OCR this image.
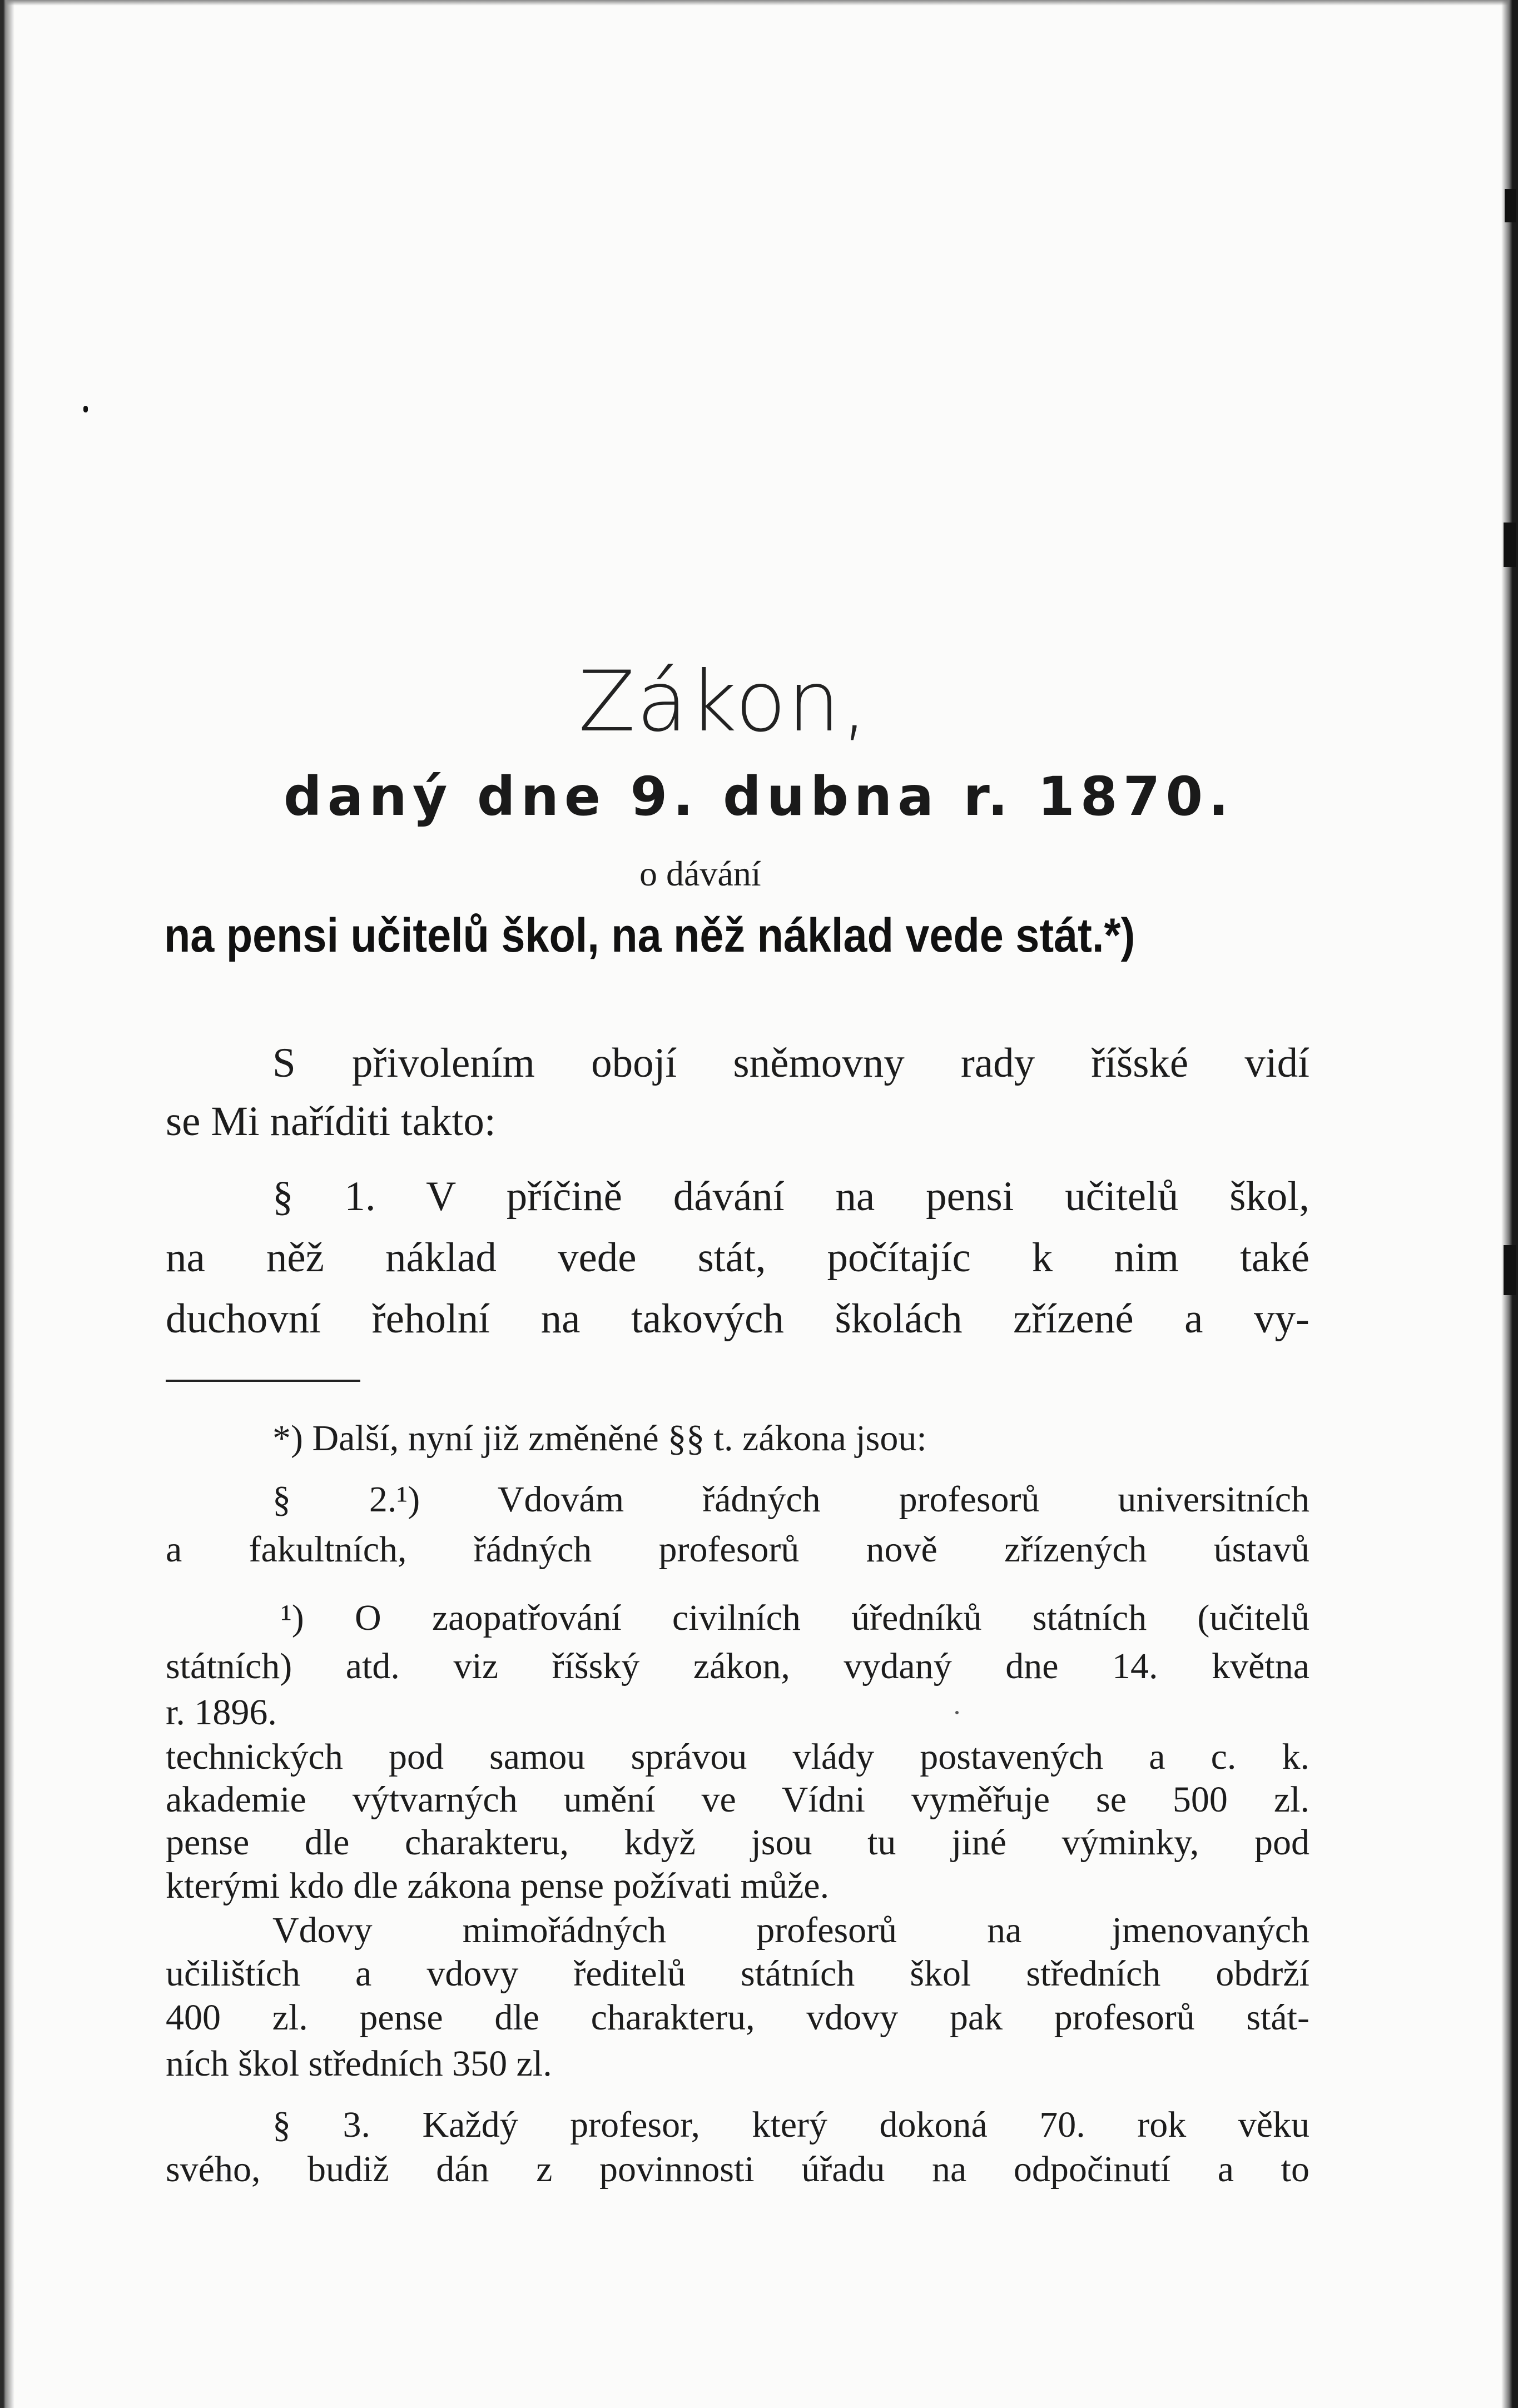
Zákon,

daný dne 9. dubna r. 1870.

o dávání

na pensi učitelů škol, na něž náklad vede stát.*)

S přivolením obojí sněmovny rady říšské vidí

se Mi naříditi takto:

§ 1. V příčině dávání na pensi učitelů škol,

na něž náklad vede stát, počítajíc k nim také

duchovní řeholní na takových školách zřízené a vy-

*) Další, nyní již změněné §§ t. zákona jsou:

§ 2.¹) Vdovám řádných profesorů universitních

a fakultních, řádných profesorů nově zřízených ústavů

¹) O zaopatřování civilních úředníků státních (učitelů

státních) atd. viz říšský zákon, vydaný dne 14. května

r. 1896.

technických pod samou správou vlády postavených a c. k.

akademie výtvarných umění ve Vídni vyměřuje se 500 zl.

pense dle charakteru, když jsou tu jiné výminky, pod

kterými kdo dle zákona pense požívati může.

Vdovy mimořádných profesorů na jmenovaných

učilištích a vdovy ředitelů státních škol středních obdrží

400 zl. pense dle charakteru, vdovy pak profesorů stát-

ních škol středních 350 zl.

§ 3. Každý profesor, který dokoná 70. rok věku

svého, budiž dán z povinnosti úřadu na odpočinutí a to
